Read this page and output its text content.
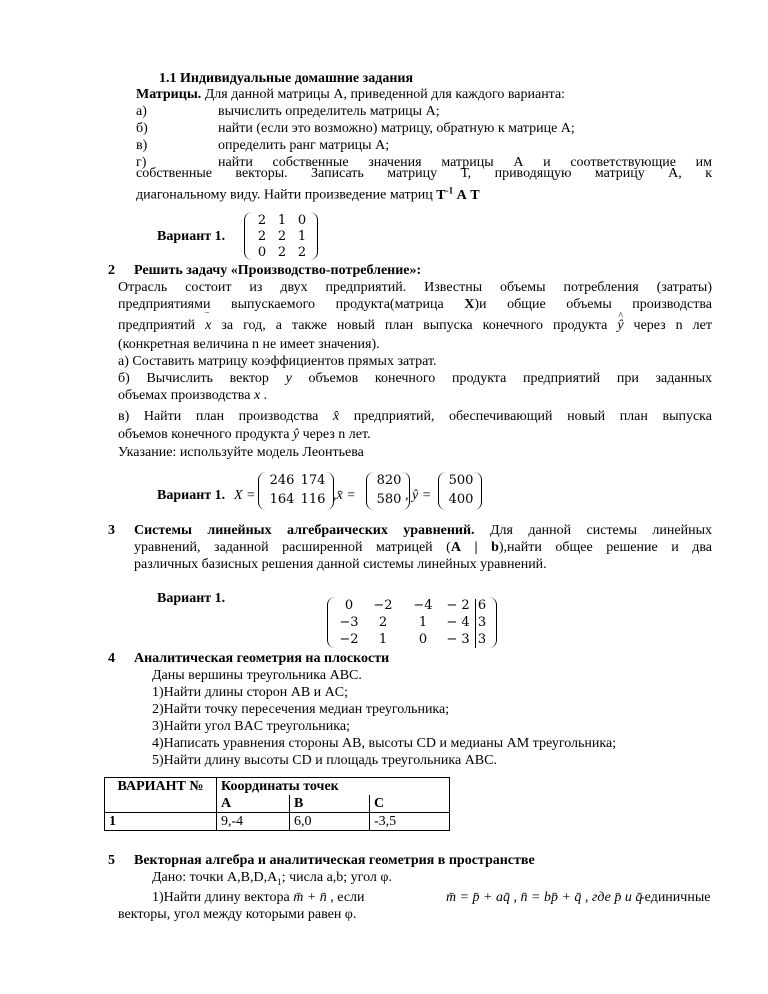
1.1 Индивидуальные домашние задания
Матрицы. Для данной матрицы А, приведенной для каждого варианта:
а)	вычислить определитель матрицы А;
б)	найти (если это возможно) матрицу, обратную к матрице А;
в)	определить ранг матрицы А;
г)	найти собственные значения матрицы А и соответствующие им
собственные векторы. Записать матрицу Т, приводящую матрицу А, к
диагональному виду. Найти произведение матриц $Т^{-1}$ А Т
Вариант 1.
2 1 0
2 2 1
0 2 2
2 Решить задачу «Производство-потребление»:
Отрасль состоит из двух предприятий. Известны объемы потребления (затраты)
предприятиями выпускаемого продукта(матрица X)и общие объемы производства
предприятий ‾ x за год, а также новый план выпуска конечного продукта ^ ŷ через n лет
(конкретная величина n не имеет значения).
а) Составить матрицу коэффициентов прямых затрат.
б) Вычислить вектор y объемов конечного продукта предприятий при заданных
объемах производства x .
в) Найти план производства x̂ предприятий, обеспечивающий новый план выпуска
объемов конечного продукта ŷ через n лет.
Указание: используйте модель Леонтьева
Вариант 1. X =
246 174
164 116 ,x̄ =
820
580 , ŷ =
500
400
3 Системы линейных алгебраических уравнений. Для данной системы линейных
уравнений, заданной расширенной матрицей (А | b),найти общее решение и два
различных базисных решения данной системы линейных уравнений.
Вариант 1.	0	−2	−4	− 2 6
−3	2	1	− 4 3
−2	1	0	− 3 3
4 Аналитическая геометрия на плоскости
Даны вершины треугольника ABC.
1)Найти длины сторон AB и AC;
2)Найти точку пересечения медиан треугольника;
3)Найти угол BAC треугольника;
4)Написать уравнения стороны AB, высоты CD и медианы AM треугольника;
5)Найти длину высоты CD и площадь треугольника ABC.
ВАРИАНТ №	Координаты точек		
	A	B	C
1	9,-4	6,0	-3,5
5 Векторная алгебра и аналитическая геометрия в пространстве
Дано: точки $A,B,D,A_1$; числа a,b; угол φ.
1)Найти длину вектора m̄ + n̄ , если	m̄ = p̄ + aq̄ , n̄ = bp̄ + q̄ , где p̄ и q̄
-единичные
векторы, угол между которыми равен φ.
